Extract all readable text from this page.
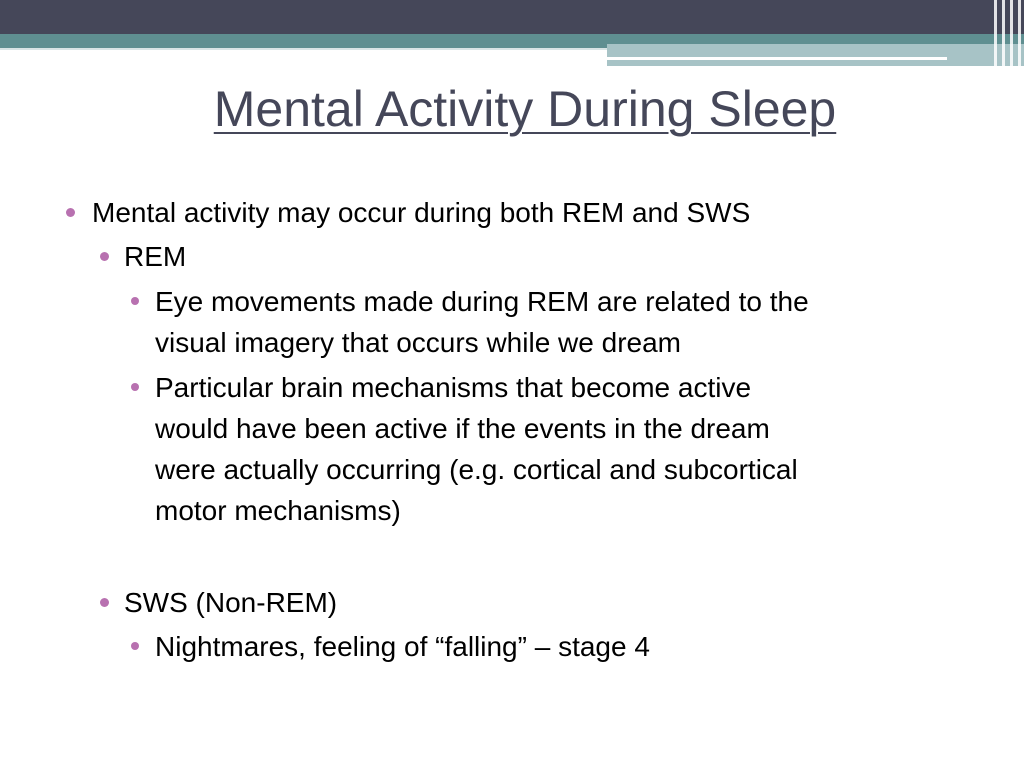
Mental Activity During Sleep
Mental activity may occur during both REM and SWS
REM
Eye movements made during REM are related to the
visual imagery that occurs while we dream
Particular brain mechanisms that become active
would have been active if the events in the dream
were actually occurring (e.g. cortical and subcortical
motor mechanisms)
SWS (Non-REM)
Nightmares, feeling of “falling” – stage 4
